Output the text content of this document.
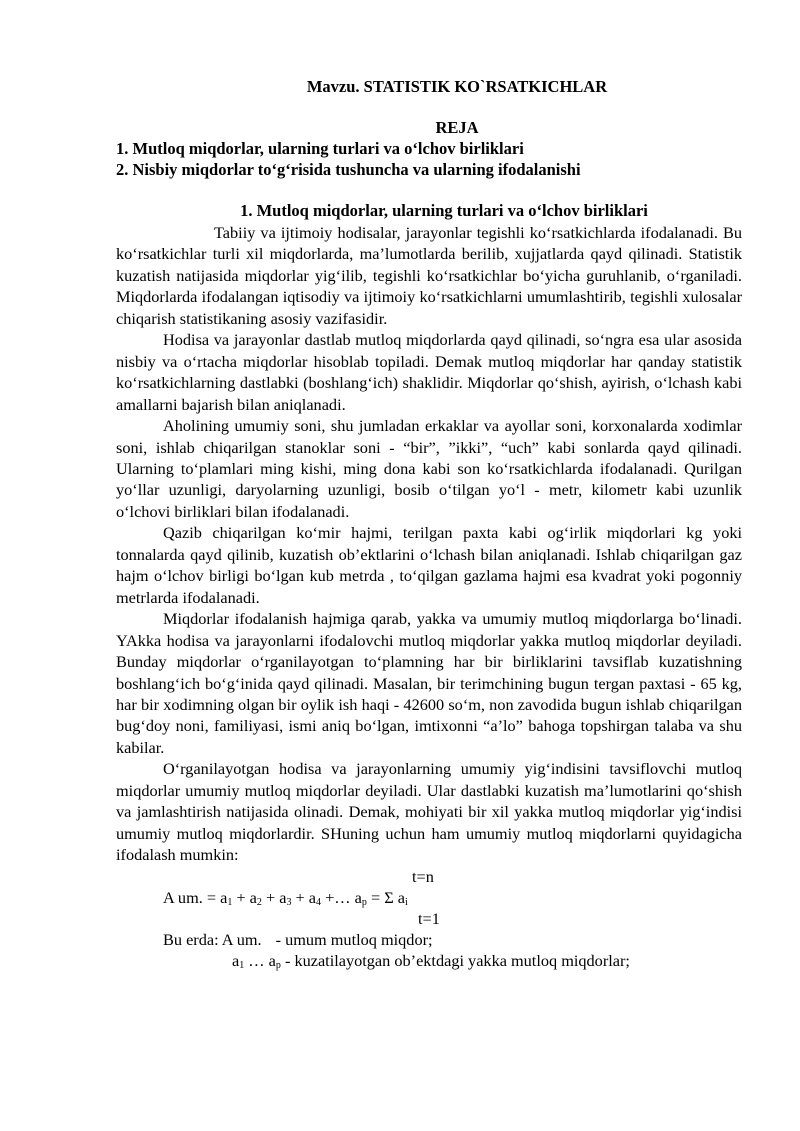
Mavzu. STATISTIK KO`RSATKICHLAR
REJA
1. Mutloq miqdorlar, ularning turlari va o‘lchov birliklari
2. Nisbiy miqdorlar to‘g‘risida tushuncha va ularning ifodalanishi
1. Mutloq miqdorlar, ularning turlari va o‘lchov birliklari

Tabiiy va ijtimoiy hodisalar, jarayonlar tegishli ko‘rsatkichlarda ifodalanadi. Bu ko‘rsatkichlar turli xil miqdorlarda, ma’lumotlarda berilib, xujjatlarda qayd qilinadi. Statistik kuzatish natijasida miqdorlar yig‘ilib, tegishli ko‘rsatkichlar bo‘yicha guruhlanib, o‘rganiladi. Miqdorlarda ifodalangan iqtisodiy va ijtimoiy ko‘rsatkichlarni umumlashtirib, tegishli xulosalar chiqarish statistikaning asosiy vazifasidir.

Hodisa va jarayonlar dastlab mutloq miqdorlarda qayd qilinadi, so‘ngra esa ular asosida nisbiy va o‘rtacha miqdorlar hisoblab topiladi. Demak mutloq miqdorlar har qanday statistik ko‘rsatkichlarning dastlabki (boshlang‘ich) shaklidir. Miqdorlar qo‘shish, ayirish, o‘lchash kabi amallarni bajarish bilan aniqlanadi.

Aholining umumiy soni, shu jumladan erkaklar va ayollar soni, korxonalarda xodimlar soni, ishlab chiqarilgan stanoklar soni - “bir”, ”ikki”, “uch” kabi sonlarda qayd qilinadi. Ularning to‘plamlari ming kishi, ming dona kabi son ko‘rsatkichlarda ifodalanadi. Qurilgan yo‘llar uzunligi, daryolarning uzunligi, bosib o‘tilgan yo‘l - metr, kilometr kabi uzunlik o‘lchovi birliklari bilan ifodalanadi.

Qazib chiqarilgan ko‘mir hajmi, terilgan paxta kabi og‘irlik miqdorlari kg yoki tonnalarda qayd qilinib, kuzatish ob’ektlarini o‘lchash bilan aniqlanadi. Ishlab chiqarilgan gaz hajm o‘lchov birligi bo‘lgan kub metrda , to‘qilgan gazlama hajmi esa kvadrat yoki pogonniy metrlarda ifodalanadi.

Miqdorlar ifodalanish hajmiga qarab, yakka va umumiy mutloq miqdorlarga bo‘linadi. YAkka hodisa va jarayonlarni ifodalovchi mutloq miqdorlar yakka mutloq miqdorlar deyiladi. Bunday miqdorlar o‘rganilayotgan to‘plamning har bir birliklarini tavsiflab kuzatishning boshlang‘ich bo‘g‘inida qayd qilinadi. Masalan, bir terimchining bugun tergan paxtasi - 65 kg, har bir xodimning olgan bir oylik ish haqi - 42600 so‘m, non zavodida bugun ishlab chiqarilgan bug‘doy noni, familiyasi, ismi aniq bo‘lgan, imtixonni “a’lo” bahoga topshirgan talaba va shu kabilar.

O‘rganilayotgan hodisa va jarayonlarning umumiy yig‘indisini tavsiflovchi mutloq miqdorlar umumiy mutloq miqdorlar deyiladi. Ular dastlabki kuzatish ma’lumotlarini qo‘shish va jamlashtirish natijasida olinadi. Demak, mohiyati bir xil yakka mutloq miqdorlar yig‘indisi umumiy mutloq miqdorlardir. SHuning uchun ham umumiy mutloq miqdorlarni quyidagicha ifodalash mumkin:

t=n
A um. = $a_1 + a_2 + a_3 + a_4$ +… $a_p = \Sigma$ $a_i$
t=1
Bu erda: A um. - umum mutloq miqdor;
$a_1$ … $a_p$ - kuzatilayotgan ob’ektdagi yakka mutloq miqdorlar;
